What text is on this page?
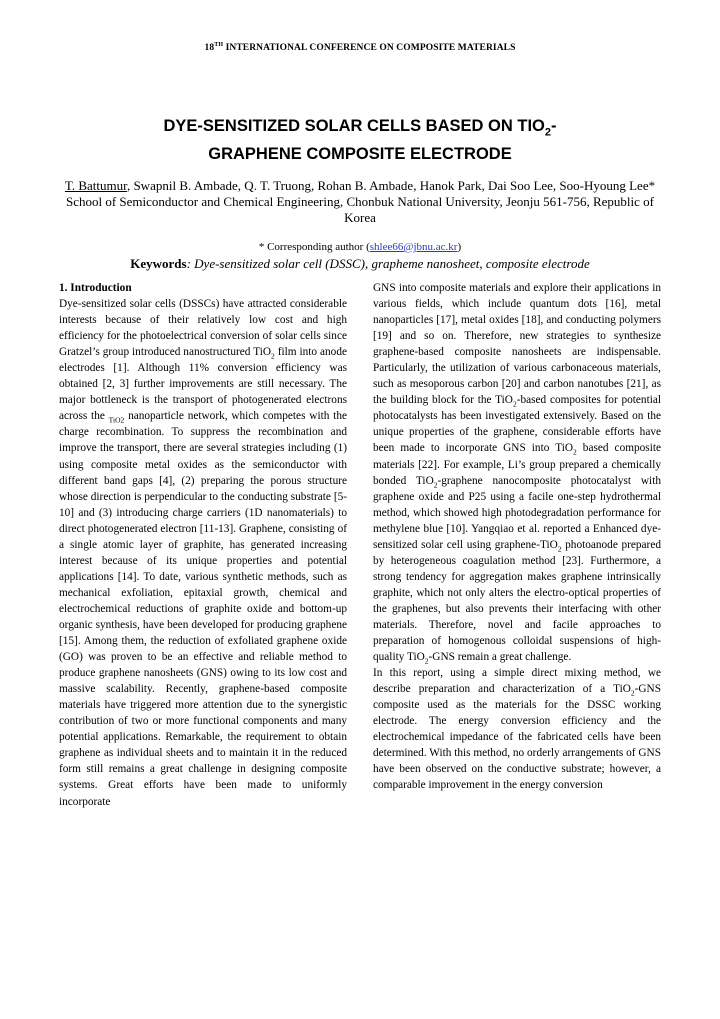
18TH INTERNATIONAL CONFERENCE ON COMPOSITE MATERIALS
DYE-SENSITIZED SOLAR CELLS BASED ON $TIO_2-$
GRAPHENE COMPOSITE ELECTRODE
T. Battumur, Swapnil B. Ambade, Q. T. Truong, Rohan B. Ambade, Hanok Park, Dai Soo Lee, Soo-Hyoung Lee*
School of Semiconductor and Chemical Engineering, Chonbuk National University, Jeonju 561-756, Republic of Korea
* Corresponding author (shlee66@jbnu.ac.kr)
Keywords: Dye-sensitized solar cell (DSSC), grapheme nanosheet, composite electrode

1. Introduction

Dye-sensitized solar cells (DSSCs) have attracted considerable interests because of their relatively low cost and high efficiency for the photoelectrical conversion of solar cells since Gratzel’s group introduced nanostructured TiO$_2$ film into anode electrodes [1]. Although 11% conversion efficiency was obtained [2, 3] further improvements are still necessary. The major bottleneck is the transport of photogenerated electrons across the $_{TiO2}$ nanoparticle network, which competes with the charge recombination. To suppress the recombination and improve the transport, there are several strategies including (1) using composite metal oxides as the semiconductor with different band gaps [4], (2) preparing the porous structure whose direction is perpendicular to the conducting substrate [5-10] and (3) introducing charge carriers (1D nanomaterials) to direct photogenerated electron [11-13]. Graphene, consisting of a single atomic layer of graphite, has generated increasing interest because of its unique properties and potential applications [14]. To date, various synthetic methods, such as mechanical exfoliation, epitaxial growth, chemical and electrochemical reductions of graphite oxide and bottom-up organic synthesis, have been developed for producing graphene [15]. Among them, the reduction of exfoliated graphene oxide (GO) was proven to be an effective and reliable method to produce graphene nanosheets (GNS) owing to its low cost and massive scalability. Recently, graphene-based composite materials have triggered more attention due to the synergistic contribution of two or more functional components and many potential applications. Remarkable, the requirement to obtain graphene as individual sheets and to maintain it in the reduced form still remains a great challenge in designing composite systems. Great efforts have been made to uniformly incorporate

GNS into composite materials and explore their applications in various fields, which include quantum dots [16], metal nanoparticles [17], metal oxides [18], and conducting polymers [19] and so on. Therefore, new strategies to synthesize graphene-based composite nanosheets are indispensable. Particularly, the utilization of various carbonaceous materials, such as mesoporous carbon [20] and carbon nanotubes [21], as the building block for the TiO$_2$-based composites for potential photocatalysts has been investigated extensively. Based on the unique properties of the graphene, considerable efforts have been made to incorporate GNS into TiO$_2$ based composite materials [22]. For example, Li’s group prepared a chemically bonded TiO$_2$-graphene nanocomposite photocatalyst with graphene oxide and P25 using a facile one-step hydrothermal method, which showed high photodegradation performance for methylene blue [10]. Yangqiao et al. reported a Enhanced dye-sensitized solar cell using graphene-TiO$_2$ photoanode prepared by heterogeneous coagulation method [23]. Furthermore, a strong tendency for aggregation makes graphene intrinsically graphite, which not only alters the electro-optical properties of the graphenes, but also prevents their interfacing with other materials. Therefore, novel and facile approaches to preparation of homogenous colloidal suspensions of high-quality TiO$_2$-GNS remain a great challenge.

In this report, using a simple direct mixing method, we describe preparation and characterization of a TiO$_2$-GNS composite used as the materials for the DSSC working electrode. The energy conversion efficiency and the electrochemical impedance of the fabricated cells have been determined. With this method, no orderly arrangements of GNS have been observed on the conductive substrate; however, a comparable improvement in the energy conversion
